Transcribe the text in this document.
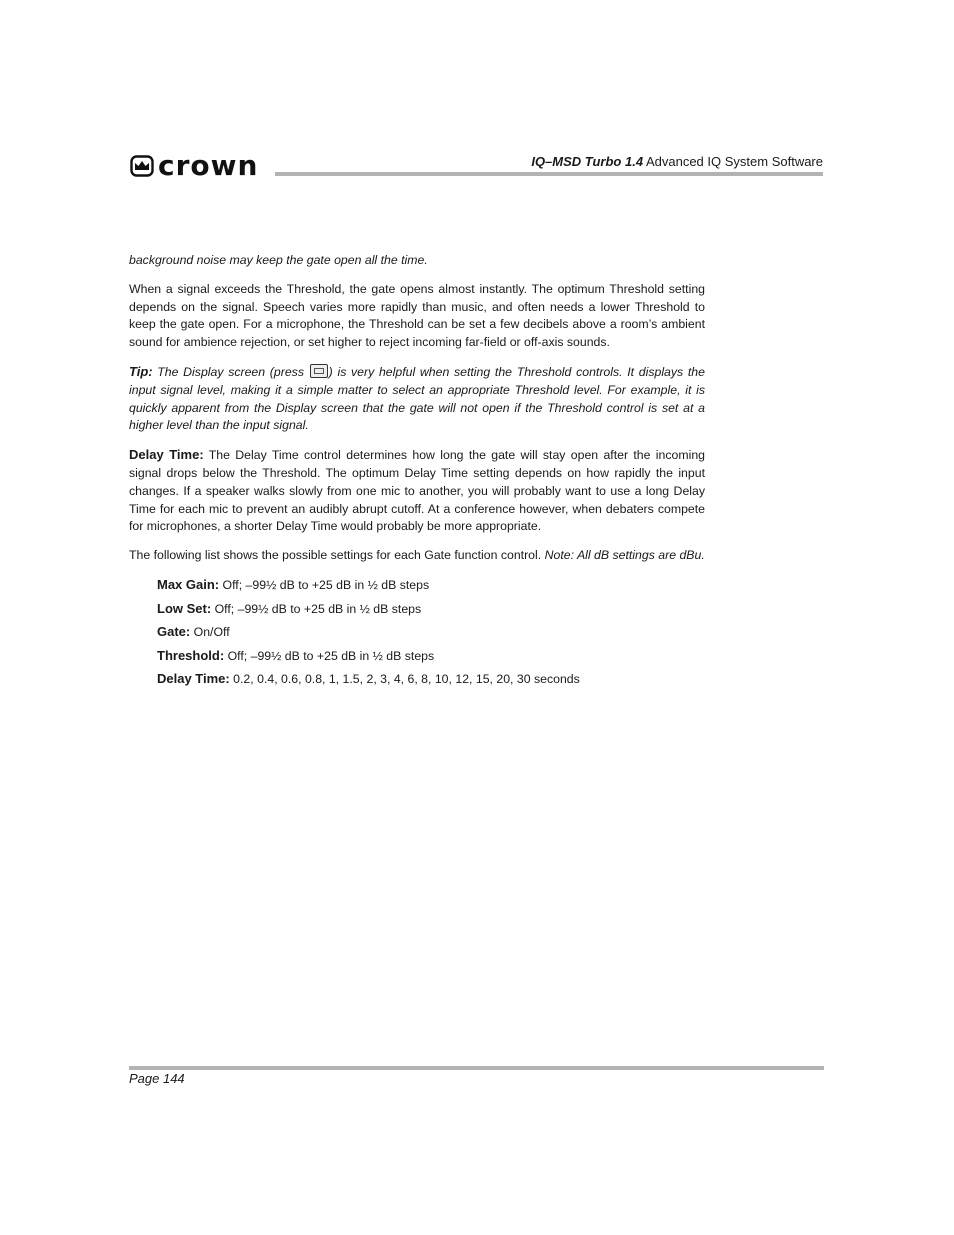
crown	IQ–MSD Turbo 1.4 Advanced IQ System Software

background noise may keep the gate open all the time.

When a signal exceeds the Threshold, the gate opens almost instantly. The optimum Threshold setting depends on the signal. Speech varies more rapidly than music, and often needs a lower Threshold to keep the gate open. For a microphone, the Threshold can be set a few decibels above a room’s ambient sound for ambience rejection, or set higher to reject incoming far-field or off-axis sounds.

Tip: The Display screen (press ) is very helpful when setting the Threshold controls. It displays the input signal level, making it a simple matter to select an appropriate Threshold level. For example, it is quickly apparent from the Display screen that the gate will not open if the Threshold control is set at a higher level than the input signal.

Delay Time: The Delay Time control determines how long the gate will stay open after the incoming signal drops below the Threshold. The optimum Delay Time setting depends on how rapidly the input changes. If a speaker walks slowly from one mic to another, you will probably want to use a long Delay Time for each mic to prevent an audibly abrupt cutoff. At a conference however, when debaters compete for microphones, a shorter Delay Time would probably be more appropriate.

The following list shows the possible settings for each Gate function control. Note: All dB settings are dBu.

Max Gain: Off; –99½ dB to +25 dB in ½ dB steps
Low Set: Off; –99½ dB to +25 dB in ½ dB steps
Gate: On/Off
Threshold: Off; –99½ dB to +25 dB in ½ dB steps
Delay Time: 0.2, 0.4, 0.6, 0.8, 1, 1.5, 2, 3, 4, 6, 8, 10, 12, 15, 20, 30 seconds
Page 144
